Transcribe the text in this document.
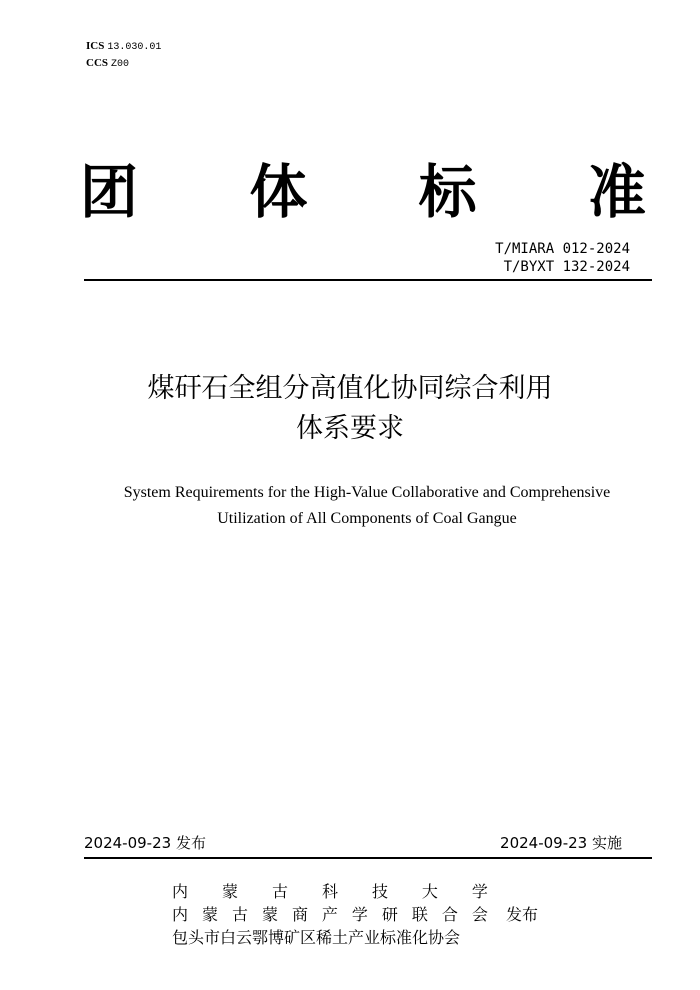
ICS 13.030.01
CCS Z00
团 体 标 准
T/MIARA 012-2024
T/BYXT 132-2024
煤矸石全组分高值化协同综合利用
体系要求
System Requirements for the High-Value Collaborative and Comprehensive
Utilization of All Components of Coal Gangue
2024-09-23 发布	2024-09-23 实施
内 蒙 古 科 技 大 学
内 蒙 古 蒙 商 产 学 研 联 合 会 发布
包头市白云鄂博矿区稀土产业标准化协会
